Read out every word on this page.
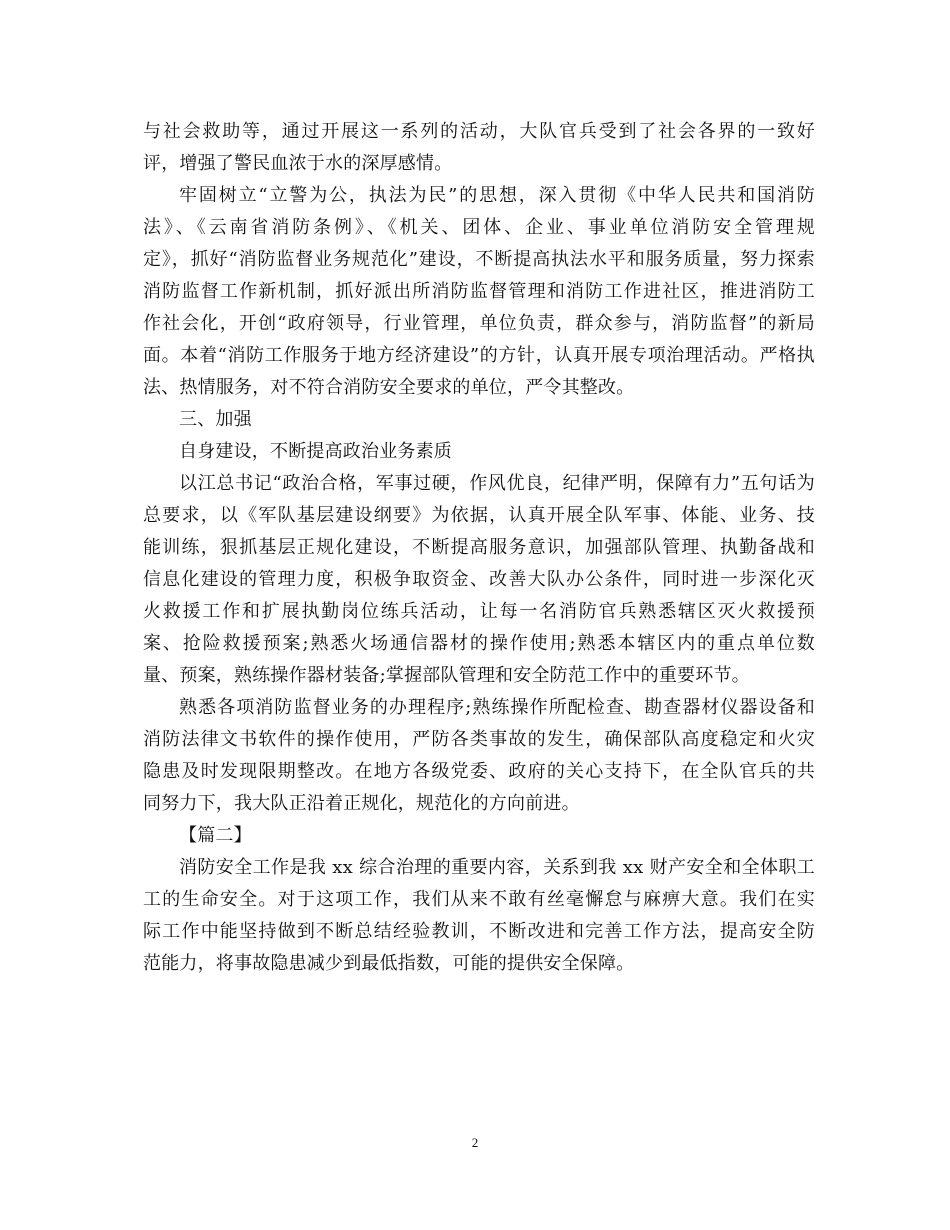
与社会救助等，通过开展这一系列的活动，大队官兵受到了社会各界的一致好
评，增强了警民血浓于水的深厚感情。
牢固树立“立警为公，执法为民”的思想，深入贯彻《中华人民共和国消防
法》、《云南省消防条例》、《机关、团体、企业、事业单位消防安全管理规
定》，抓好“消防监督业务规范化”建设，不断提高执法水平和服务质量，努力探索
消防监督工作新机制，抓好派出所消防监督管理和消防工作进社区，推进消防工
作社会化，开创“政府领导，行业管理，单位负责，群众参与，消防监督”的新局
面。本着“消防工作服务于地方经济建设”的方针，认真开展专项治理活动。严格执
法、热情服务，对不符合消防安全要求的单位，严令其整改。
三、加强
自身建设，不断提高政治业务素质
以江总书记“政治合格，军事过硬，作风优良，纪律严明，保障有力”五句话为
总要求，以《军队基层建设纲要》为依据，认真开展全队军事、体能、业务、技
能训练，狠抓基层正规化建设，不断提高服务意识，加强部队管理、执勤备战和
信息化建设的管理力度，积极争取资金、改善大队办公条件，同时进一步深化灭
火救援工作和扩展执勤岗位练兵活动，让每一名消防官兵熟悉辖区灭火救援预
案、抢险救援预案;熟悉火场通信器材的操作使用;熟悉本辖区内的重点单位数
量、预案，熟练操作器材装备;掌握部队管理和安全防范工作中的重要环节。
熟悉各项消防监督业务的办理程序;熟练操作所配检查、勘查器材仪器设备和
消防法律文书软件的操作使用，严防各类事故的发生，确保部队高度稳定和火灾
隐患及时发现限期整改。在地方各级党委、政府的关心支持下，在全队官兵的共
同努力下，我大队正沿着正规化，规范化的方向前进。
【篇二】
消防安全工作是我 xx 综合治理的重要内容，关系到我 xx 财产安全和全体职工
工的生命安全。对于这项工作，我们从来不敢有丝毫懈怠与麻痹大意。我们在实
际工作中能坚持做到不断总结经验教训，不断改进和完善工作方法，提高安全防
范能力，将事故隐患减少到最低指数，可能的提供安全保障。
2
